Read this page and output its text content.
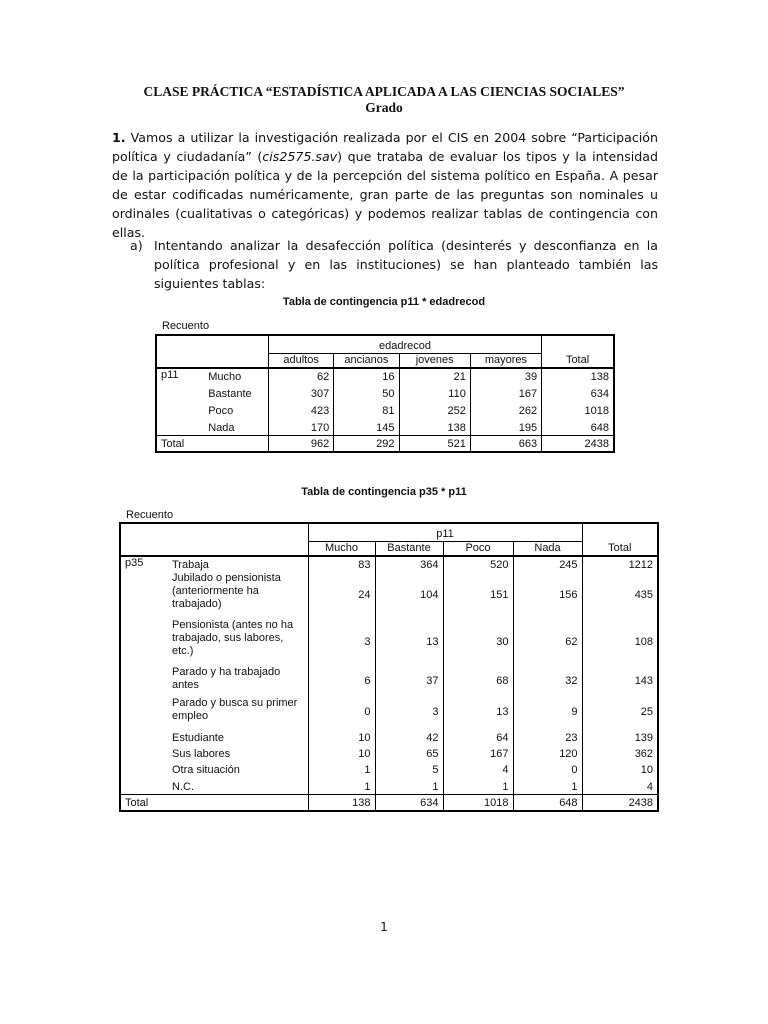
CLASE PRÁCTICA “ESTADÍSTICA APLICADA A LAS CIENCIAS SOCIALES”
Grado

1. Vamos a utilizar la investigación realizada por el CIS en 2004 sobre “Participación política y ciudadanía” (cis2575.sav) que trataba de evaluar los tipos y la intensidad de la participación política y de la percepción del sistema político en España. A pesar de estar codificadas numéricamente, gran parte de las preguntas son nominales u ordinales (cualitativas o categóricas) y podemos realizar tablas de contingencia con ellas.

a) Intentando analizar la desafección política (desinterés y desconfianza en la política profesional y en las instituciones) se han planteado también las siguientes tablas:
Tabla de contingencia p11 * edadrecod
Recuento
		edadrecod				
		adultos	ancianos	jovenes	mayores	Total
p11	Mucho	62	16	21	39	138
	Bastante	307	50	110	167	634
	Poco	423	81	252	262	1018
	Nada	170	145	138	195	648
Total		962	292	521	663	2438
Tabla de contingencia p35 * p11
Recuento
		p11				
		Mucho	Bastante	Poco	Nada	Total
p35	Trabaja	83	364	520	245	1212
	Jubilado o pensionista (anteriormente ha trabajado)	24	104	151	156	435
	Pensionista (antes no ha trabajado, sus labores, etc.)	3	13	30	62	108
	Parado y ha trabajado antes	6	37	68	32	143
	Parado y busca su primer empleo	0	3	13	9	25
	Estudiante	10	42	64	23	139
	Sus labores	10	65	167	120	362
	Otra situación	1	5	4	0	10
	N.C.	1	1	1	1	4
Total		138	634	1018	648	2438
1
